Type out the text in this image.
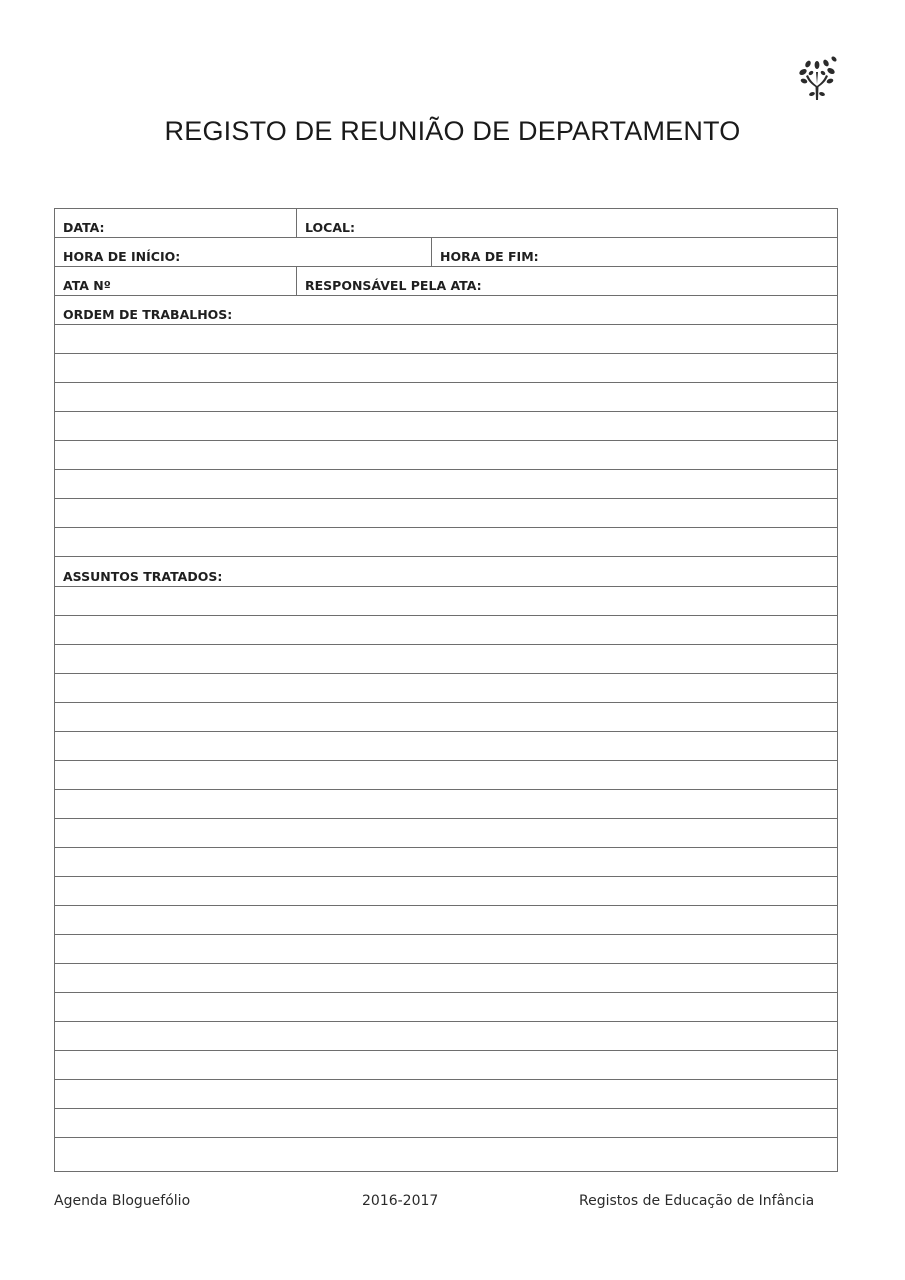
REGISTO DE REUNIÃO DE DEPARTAMENTO
DATA:	LOCAL:
HORA DE INÍCIO:	HORA DE FIM:
ATA Nº	RESPONSÁVEL PELA ATA:
ORDEM DE TRABALHOS:
ASSUNTOS TRATADOS:
Agenda Bloguefólio	2016-2017	Registos de Educação de Infância
